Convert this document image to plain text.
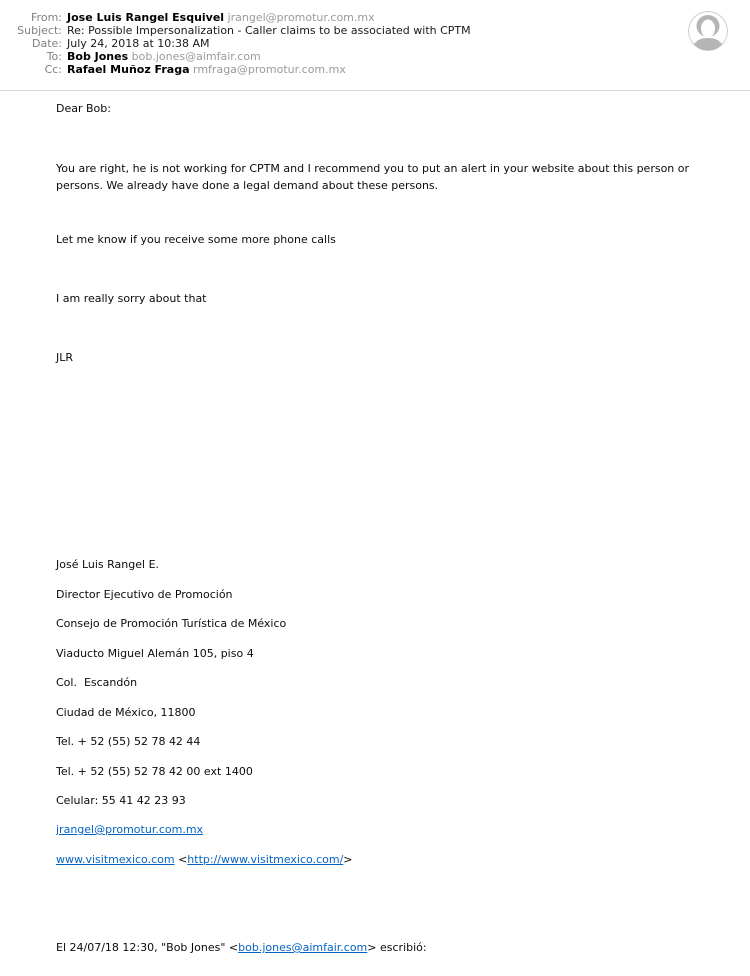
From: Jose Luis Rangel Esquivel jrangel@promotur.com.mx
Subject: Re: Possible Impersonalization - Caller claims to be associated with CPTM
Date: July 24, 2018 at 10:38 AM
To: Bob Jones bob.jones@aimfair.com
Cc: Rafael Muñoz Fraga rmfraga@promotur.com.mx
Dear Bob:
You are right, he is not working for CPTM and I recommend you to put an alert in your website about this person or persons. We already have done a legal demand about these persons.
Let me know if you receive some more phone calls
I am really sorry about that
JLR
José Luis Rangel E.
Director Ejecutivo de Promoción
Consejo de Promoción Turística de México
Viaducto Miguel Alemán 105, piso 4
Col.  Escandón
Ciudad de México, 11800
Tel. + 52 (55) 52 78 42 44
Tel. + 52 (55) 52 78 42 00 ext 1400
Celular: 55 41 42 23 93
jrangel@promotur.com.mx
www.visitmexico.com <http://www.visitmexico.com/>
El 24/07/18 12:30, "Bob Jones" <bob.jones@aimfair.com> escribió:
